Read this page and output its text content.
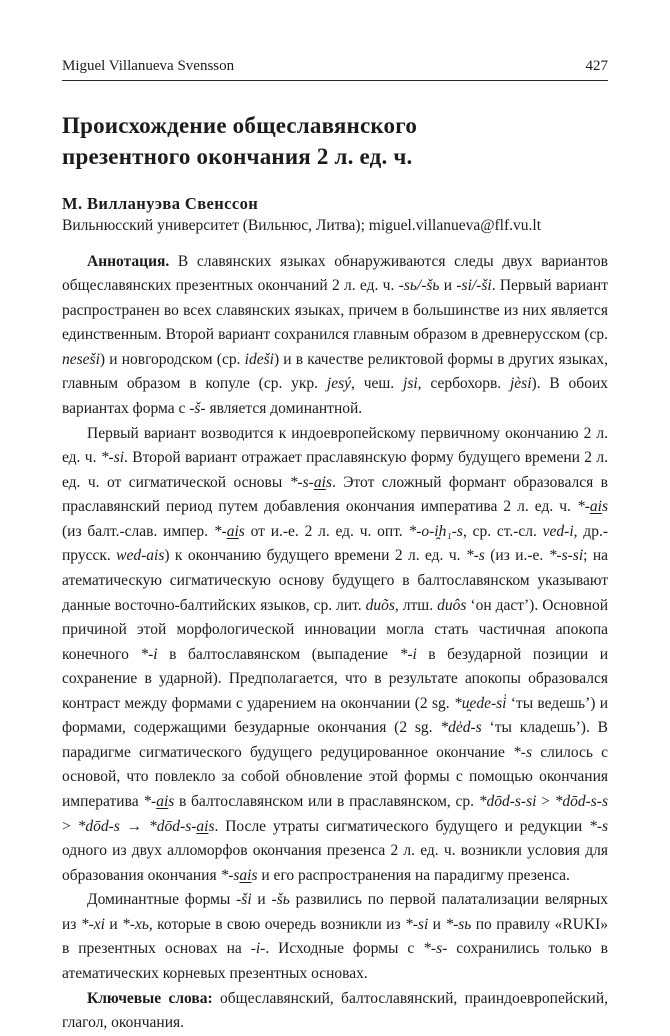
Miguel Villanueva Svensson	427
Происхождение общеславянского
презентного окончания 2 л. ед. ч.
М. Виллануэва Свенссон
Вильнюсский университет (Вильнюс, Литва); miguel.villanueva@flf.vu.lt

Аннотация. В славянских языках обнаруживаются следы двух вариантов общеславянских презентных окончаний 2 л. ед. ч. -sь/-šь и -si/-ši. Первый вариант распространен во всех славянских языках, причем в большинстве из них является единственным. Второй вариант сохранился главным образом в древнерусском (ср. neseši) и новгородском (ср. ideši) и в качестве реликтовой формы в других языках, главным образом в копуле (ср. укр. jesý, чеш. jsi, сербохорв. jèsi). В обоих вариантах форма с -š- является доминантной.

Первый вариант возводится к индоевропейскому первичному окончанию 2 л. ед. ч. *-si. Второй вариант отражает праславянскую форму будущего времени 2 л. ед. ч. от сигматической основы *-s-ais. Этот сложный формант образовался в праславянский период путем добавления окончания императива 2 л. ед. ч. *-ais (из балт.-слав. импер. *-ais от и.-е. 2 л. ед. ч. опт. *-o-i̯h₁-s, ср. ст.-сл. ved-i, др.-прусск. wed-ais) к окончанию будущего времени 2 л. ед. ч. *-s (из и.-е. *-s-si; на атематическую сигматическую основу будущего в балтославянском указывают данные восточно-балтийских языков, ср. лит. duõs, лтш. duôs ‘он даст’). Основной причиной этой морфологической инновации могла стать частичная апокопа конечного *-i в балтославянском (выпадение *-i в безударной позиции и сохранение в ударной). Предполагается, что в результате апокопы образовался контраст между формами с ударением на окончании (2 sg. *u̯ede-si̍ ‘ты ведешь’) и формами, содержащими безударные окончания (2 sg. *de̍d-s ‘ты кладешь’). В парадигме сигматического будущего редуцированное окончание *-s слилось с основой, что повлекло за собой обновление этой формы с помощью окончания императива *-ais в балтославянском или в праславянском, ср. *dōd-s-si > *dōd-s-s > *dōd-s → *dōd-s-ais. После утраты сигматического будущего и редукции *-s одного из двух алломорфов окончания презенса 2 л. ед. ч. возникли условия для образования окончания *-sais и его распространения на парадигму презенса.

Доминантные формы -ši и -šь развились по первой палатализации велярных из *-xi и *-xь, которые в свою очередь возникли из *-si и *-sь по правилу «RUKI» в презентных основах на -i-. Исходные формы с *-s- сохранились только в атематических корневых презентных основах.

Ключевые слова: общеславянский, балтославянский, праиндоевропейский, глагол, окончания.
